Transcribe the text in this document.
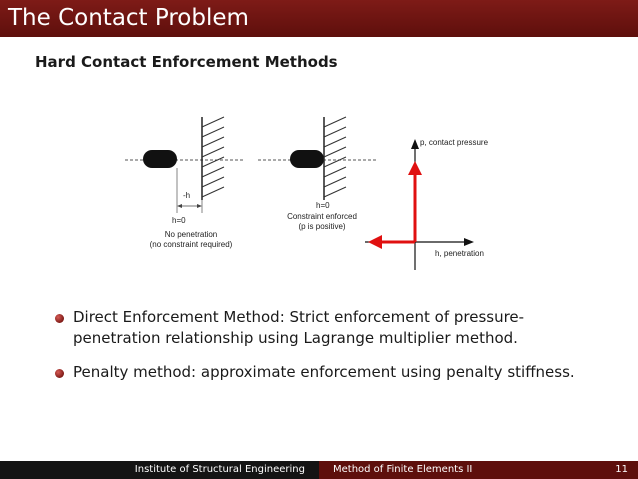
The Contact Problem
Hard Contact Enforcement Methods
-h
h=0
No penetration
(no constraint required)
h=0
Constraint enforced
(p is positive)
p, contact pressure
h, penetration
Direct Enforcement Method: Strict enforcement of pressure-penetration relationship using Lagrange multiplier method.
Penalty method: approximate enforcement using penalty stiffness.
Institute of Structural Engineering	Method of Finite Elements II	11
